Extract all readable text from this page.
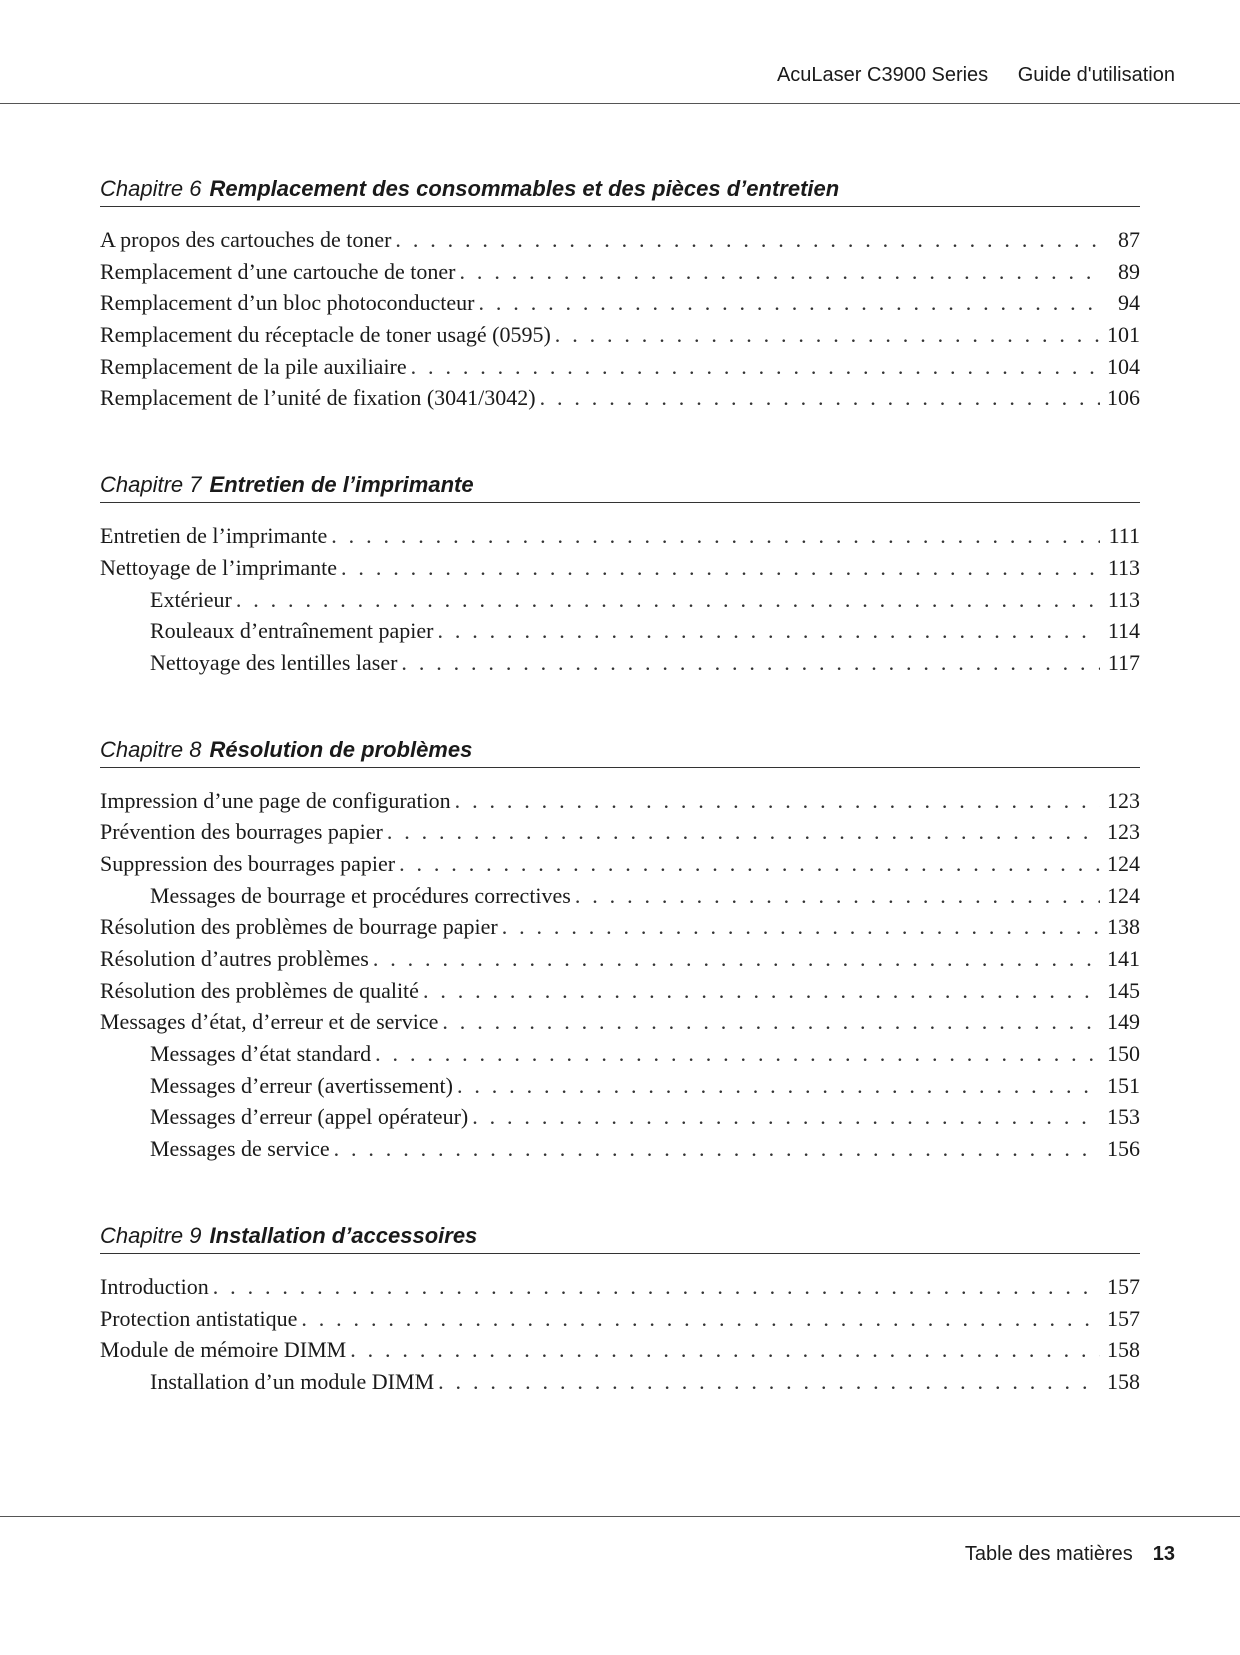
AcuLaser C3900 Series Guide d'utilisation
Chapitre 6 Remplacement des consommables et des pièces d’entretien
A propos des cartouches de toner . . .	87
Remplacement d’une cartouche de toner . . .	89
Remplacement d’un bloc photoconducteur . . .	94
Remplacement du réceptacle de toner usagé (0595) . . .	101
Remplacement de la pile auxiliaire . . .	104
Remplacement de l’unité de fixation (3041/3042) . . .	106
Chapitre 7 Entretien de l’imprimante
Entretien de l’imprimante . . .	111
Nettoyage de l’imprimante . . .	113
Extérieur . . .	113
Rouleaux d’entraînement papier . . .	114
Nettoyage des lentilles laser . . .	117
Chapitre 8 Résolution de problèmes
Impression d’une page de configuration . . .	123
Prévention des bourrages papier . . .	123
Suppression des bourrages papier . . .	124
Messages de bourrage et procédures correctives . . .	124
Résolution des problèmes de bourrage papier . . .	138
Résolution d’autres problèmes . . .	141
Résolution des problèmes de qualité . . .	145
Messages d’état, d’erreur et de service . . .	149
Messages d’état standard . . .	150
Messages d’erreur (avertissement) . . .	151
Messages d’erreur (appel opérateur) . . .	153
Messages de service . . .	156
Chapitre 9 Installation d’accessoires
Introduction . . .	157
Protection antistatique . . .	157
Module de mémoire DIMM . . .	158
Installation d’un module DIMM . . .	158
Table des matières 13
